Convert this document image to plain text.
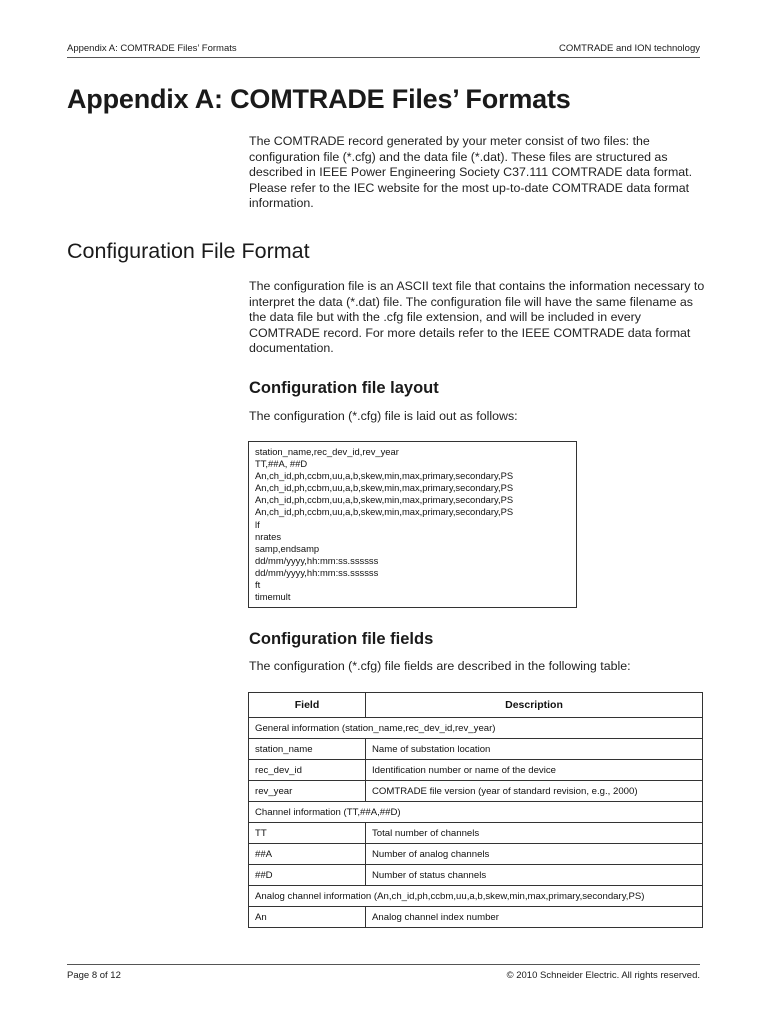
Appendix A: COMTRADE Files’ Formats	COMTRADE and ION technology
Appendix A: COMTRADE Files’ Formats

The COMTRADE record generated by your meter consist of two files: the configuration file (*.cfg) and the data file (*.dat). These files are structured as described in IEEE Power Engineering Society C37.111 COMTRADE data format. Please refer to the IEC website for the most up-to-date COMTRADE data format information.

Configuration File Format

The configuration file is an ASCII text file that contains the information necessary to interpret the data (*.dat) file. The configuration file will have the same filename as the data file but with the .cfg file extension, and will be included in every COMTRADE record. For more details refer to the IEEE COMTRADE data format documentation.

Configuration file layout

The configuration (*.cfg) file is laid out as follows:

station_name,rec_dev_id,rev_year
TT,##A, ##D
An,ch_id,ph,ccbm,uu,a,b,skew,min,max,primary,secondary,PS
An,ch_id,ph,ccbm,uu,a,b,skew,min,max,primary,secondary,PS
An,ch_id,ph,ccbm,uu,a,b,skew,min,max,primary,secondary,PS
An,ch_id,ph,ccbm,uu,a,b,skew,min,max,primary,secondary,PS
lf
nrates
samp,endsamp
dd/mm/yyyy,hh:mm:ss.ssssss
dd/mm/yyyy,hh:mm:ss.ssssss
ft
timemult
Configuration file fields

The configuration (*.cfg) file fields are described in the following table:

Field	Description
General information (station_name,rec_dev_id,rev_year)	
station_name	Name of substation location
rec_dev_id	Identification number or name of the device
rev_year	COMTRADE file version (year of standard revision, e.g., 2000)
Channel information (TT,##A,##D)	
TT	Total number of channels
##A	Number of analog channels
##D	Number of status channels
Analog channel information (An,ch_id,ph,ccbm,uu,a,b,skew,min,max,primary,secondary,PS)	
An	Analog channel index number
Page 8 of 12	© 2010 Schneider Electric. All rights reserved.
